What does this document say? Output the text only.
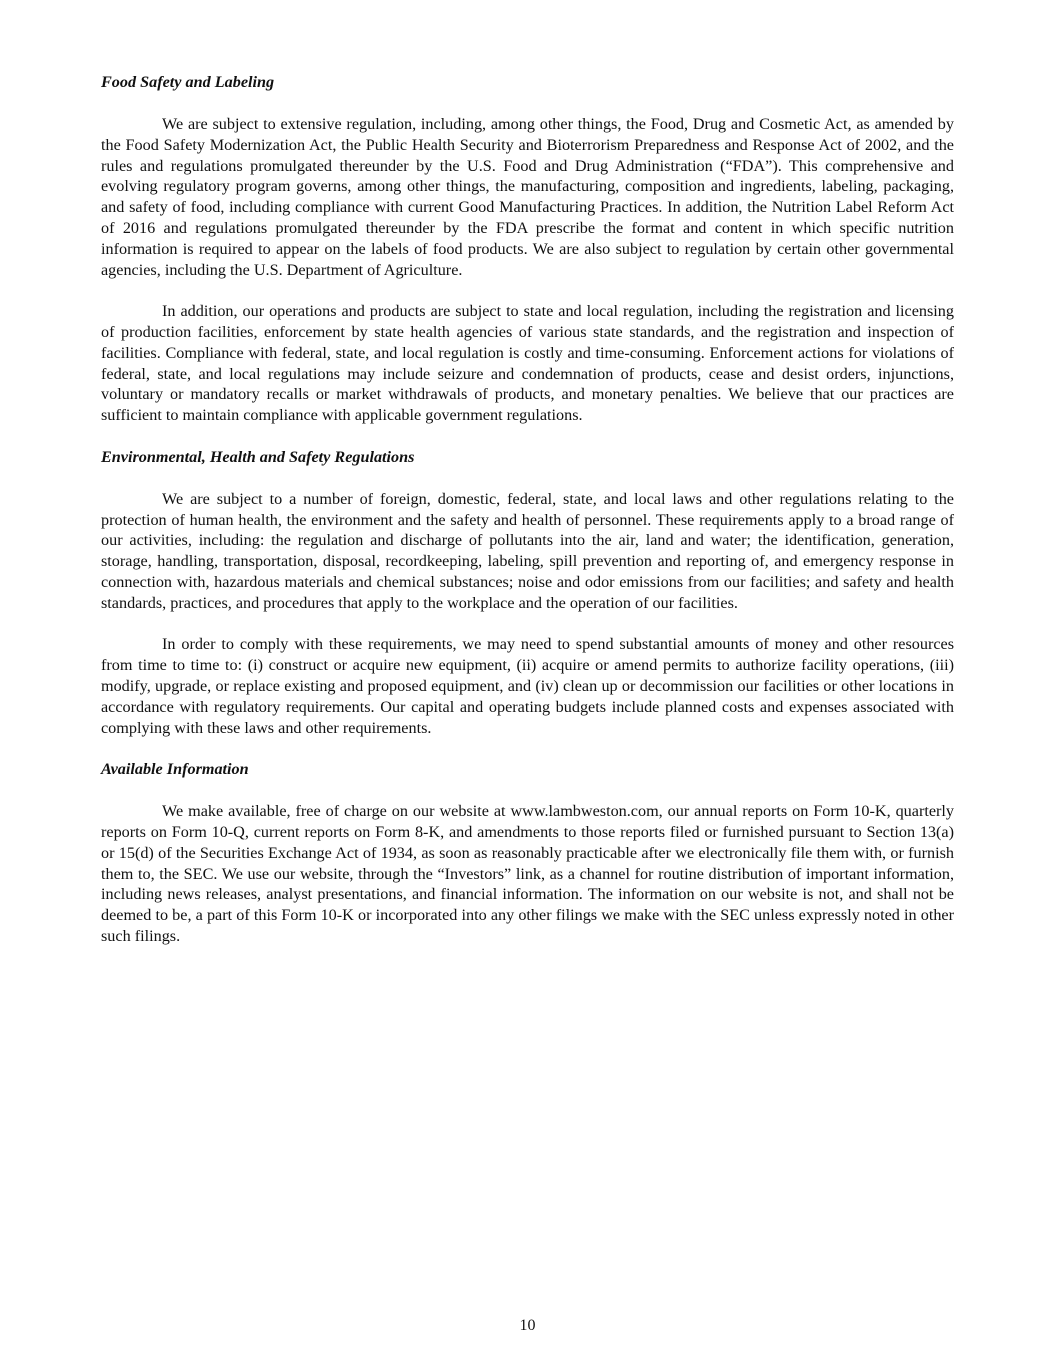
Food Safety and Labeling

We are subject to extensive regulation, including, among other things, the Food, Drug and Cosmetic Act, as amended by the Food Safety Modernization Act, the Public Health Security and Bioterrorism Preparedness and Response Act of 2002, and the rules and regulations promulgated thereunder by the U.S. Food and Drug Administration (“FDA”). This comprehensive and evolving regulatory program governs, among other things, the manufacturing, composition and ingredients, labeling, packaging, and safety of food, including compliance with current Good Manufacturing Practices. In addition, the Nutrition Label Reform Act of 2016 and regulations promulgated thereunder by the FDA prescribe the format and content in which specific nutrition information is required to appear on the labels of food products. We are also subject to regulation by certain other governmental agencies, including the U.S. Department of Agriculture.

In addition, our operations and products are subject to state and local regulation, including the registration and licensing of production facilities, enforcement by state health agencies of various state standards, and the registration and inspection of facilities. Compliance with federal, state, and local regulation is costly and time-consuming. Enforcement actions for violations of federal, state, and local regulations may include seizure and condemnation of products, cease and desist orders, injunctions, voluntary or mandatory recalls or market withdrawals of products, and monetary penalties. We believe that our practices are sufficient to maintain compliance with applicable government regulations.

Environmental, Health and Safety Regulations

We are subject to a number of foreign, domestic, federal, state, and local laws and other regulations relating to the protection of human health, the environment and the safety and health of personnel. These requirements apply to a broad range of our activities, including: the regulation and discharge of pollutants into the air, land and water; the identification, generation, storage, handling, transportation, disposal, recordkeeping, labeling, spill prevention and reporting of, and emergency response in connection with, hazardous materials and chemical substances; noise and odor emissions from our facilities; and safety and health standards, practices, and procedures that apply to the workplace and the operation of our facilities.

In order to comply with these requirements, we may need to spend substantial amounts of money and other resources from time to time to: (i) construct or acquire new equipment, (ii) acquire or amend permits to authorize facility operations, (iii) modify, upgrade, or replace existing and proposed equipment, and (iv) clean up or decommission our facilities or other locations in accordance with regulatory requirements. Our capital and operating budgets include planned costs and expenses associated with complying with these laws and other requirements.

Available Information

We make available, free of charge on our website at www.lambweston.com, our annual reports on Form 10-K, quarterly reports on Form 10-Q, current reports on Form 8-K, and amendments to those reports filed or furnished pursuant to Section 13(a) or 15(d) of the Securities Exchange Act of 1934, as soon as reasonably practicable after we electronically file them with, or furnish them to, the SEC. We use our website, through the “Investors” link, as a channel for routine distribution of important information, including news releases, analyst presentations, and financial information. The information on our website is not, and shall not be deemed to be, a part of this Form 10-K or incorporated into any other filings we make with the SEC unless expressly noted in other such filings.

10
